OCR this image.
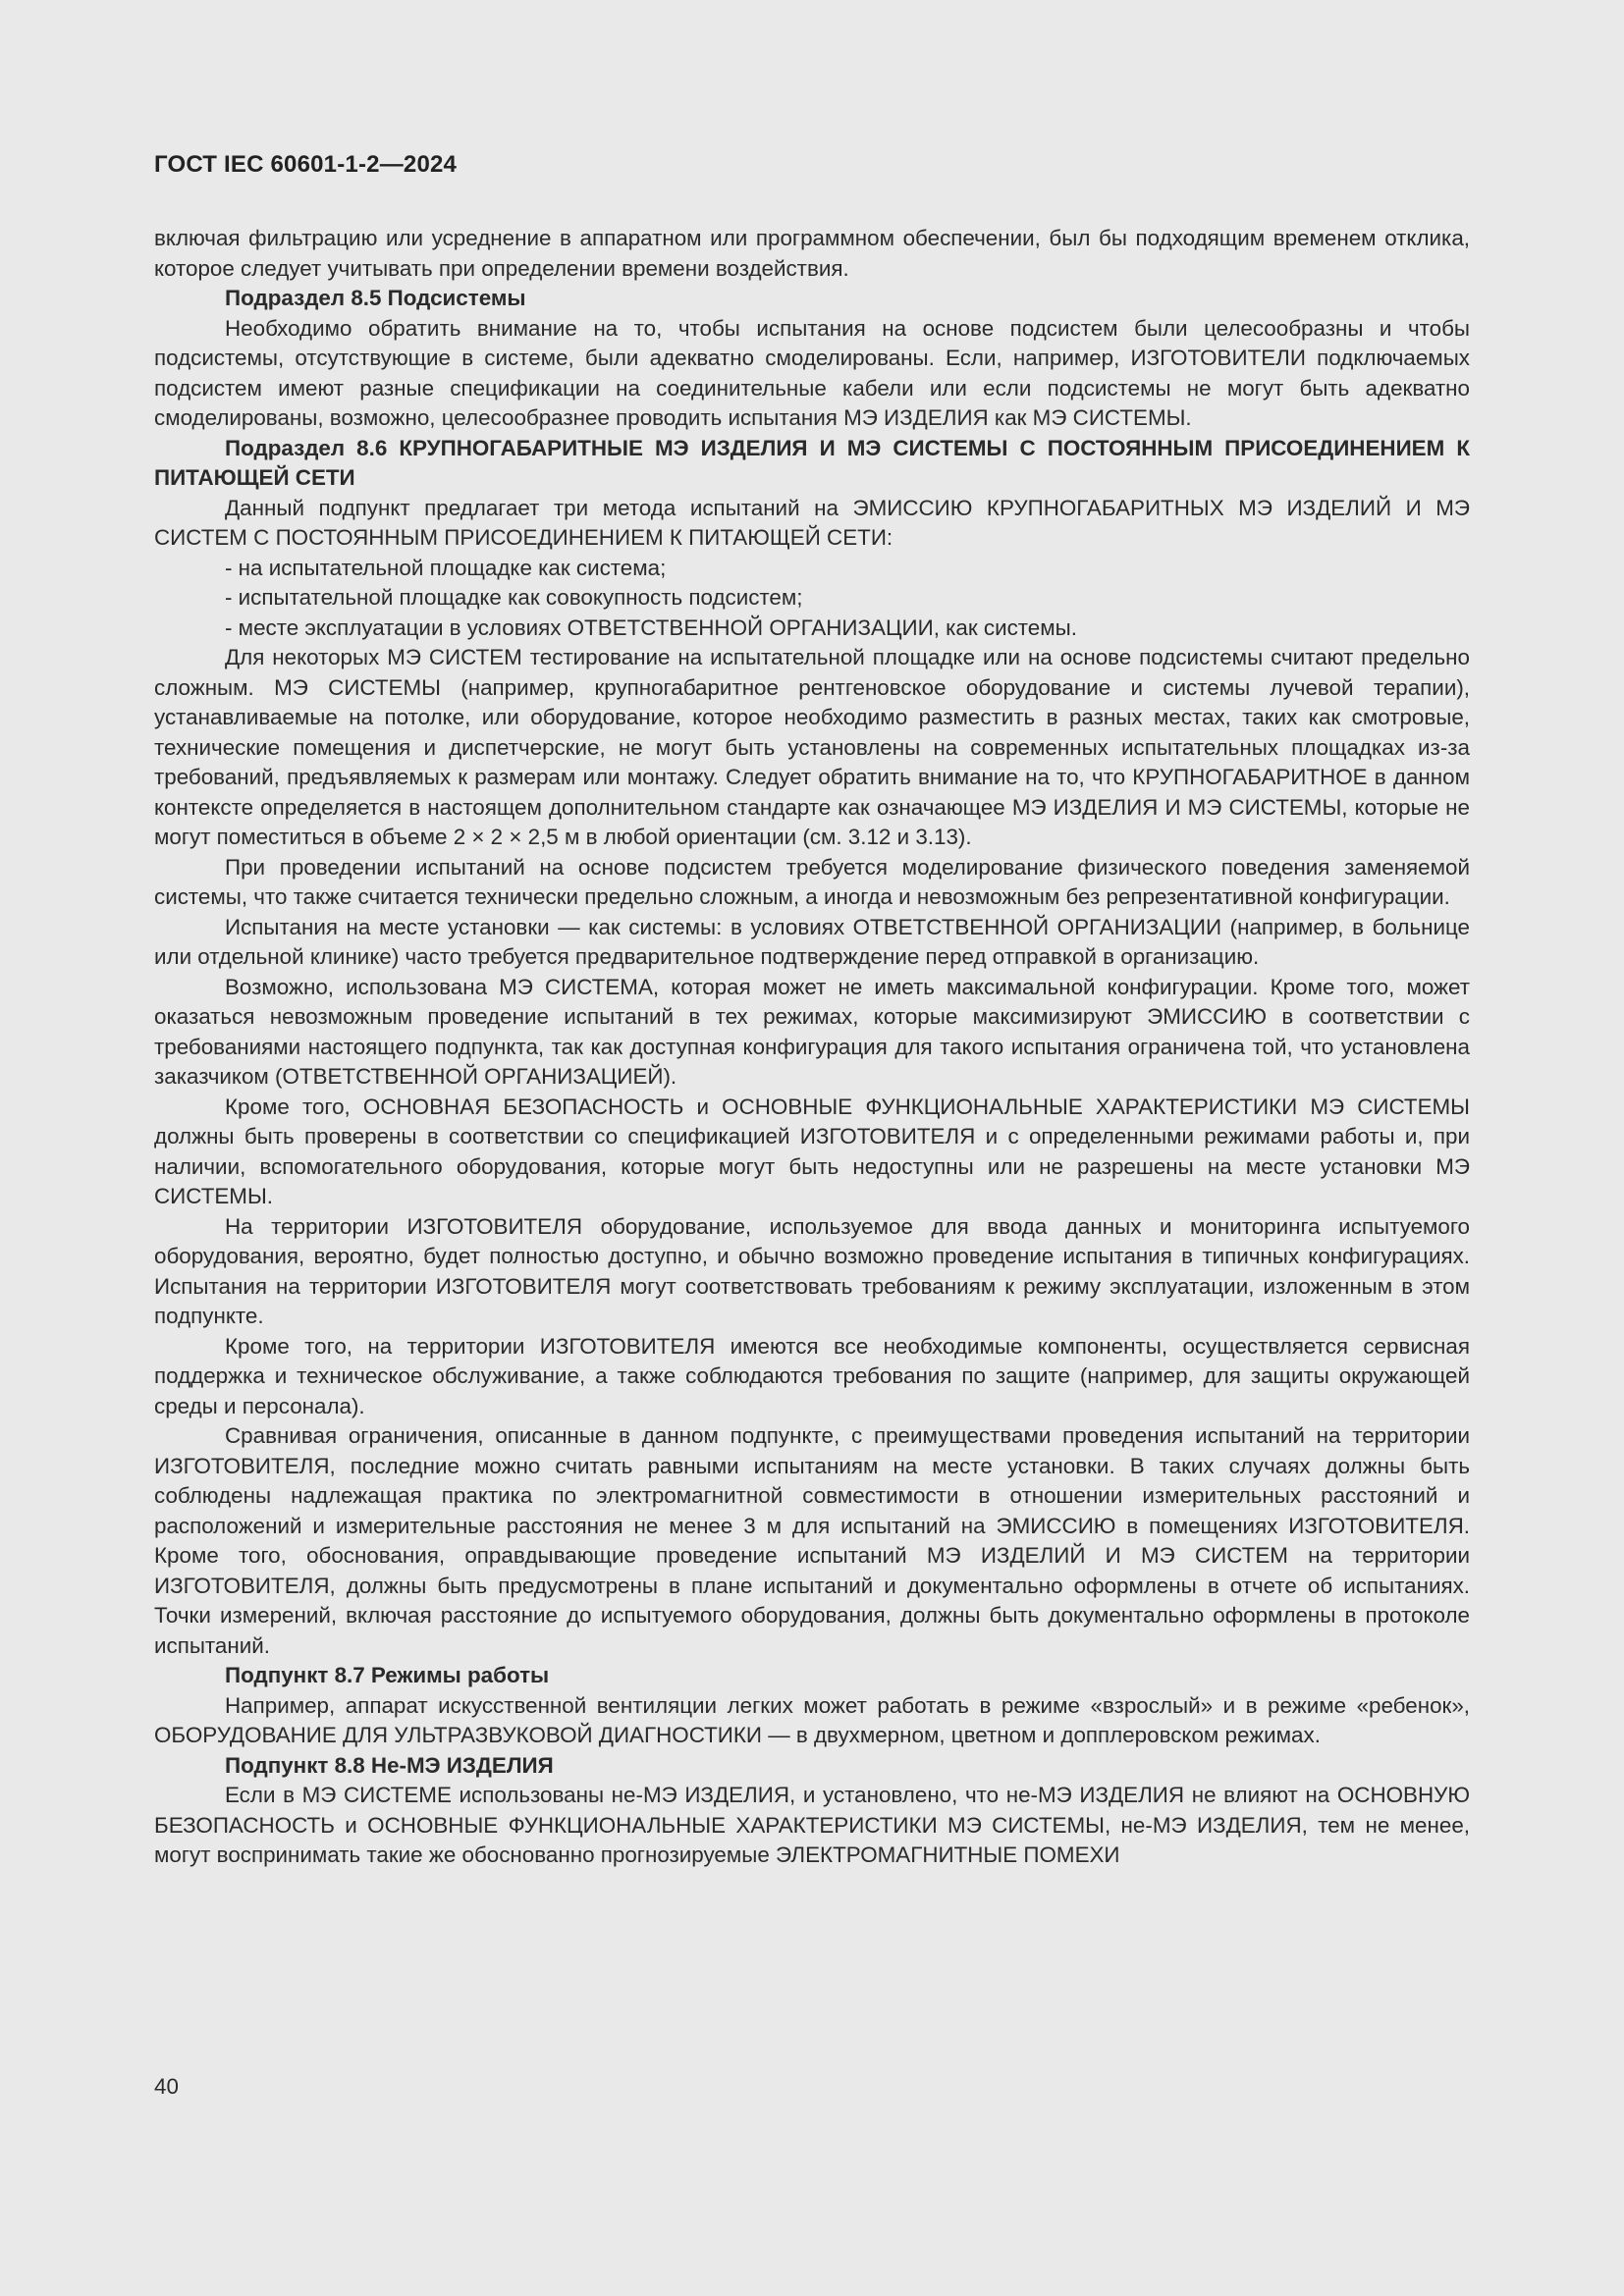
ГОСТ IEC 60601-1-2—2024

включая фильтрацию или усреднение в аппаратном или программном обеспечении, был бы подходящим временем отклика, которое следует учитывать при определении времени воздействия.

Подраздел 8.5 Подсистемы

Необходимо обратить внимание на то, чтобы испытания на основе подсистем были целесообразны и чтобы подсистемы, отсутствующие в системе, были адекватно смоделированы. Если, например, ИЗГОТОВИТЕЛИ подключаемых подсистем имеют разные спецификации на соединительные кабели или если подсистемы не могут быть адекватно смоделированы, возможно, целесообразнее проводить испытания МЭ ИЗДЕЛИЯ как МЭ СИСТЕМЫ.

Подраздел 8.6 КРУПНОГАБАРИТНЫЕ МЭ ИЗДЕЛИЯ И МЭ СИСТЕМЫ С ПОСТОЯННЫМ ПРИСОЕДИНЕНИЕМ К ПИТАЮЩЕЙ СЕТИ

Данный подпункт предлагает три метода испытаний на ЭМИССИЮ КРУПНОГАБАРИТНЫХ МЭ ИЗДЕЛИЙ И МЭ СИСТЕМ С ПОСТОЯННЫМ ПРИСОЕДИНЕНИЕМ К ПИТАЮЩЕЙ СЕТИ:

- на испытательной площадке как система;

- испытательной площадке как совокупность подсистем;

- месте эксплуатации в условиях ОТВЕТСТВЕННОЙ ОРГАНИЗАЦИИ, как системы.

Для некоторых МЭ СИСТЕМ тестирование на испытательной площадке или на основе подсистемы считают предельно сложным. МЭ СИСТЕМЫ (например, крупногабаритное рентгеновское оборудование и системы лучевой терапии), устанавливаемые на потолке, или оборудование, которое необходимо разместить в разных местах, таких как смотровые, технические помещения и диспетчерские, не могут быть установлены на современных испытательных площадках из-за требований, предъявляемых к размерам или монтажу. Следует обратить внимание на то, что КРУПНОГАБАРИТНОЕ в данном контексте определяется в настоящем дополнительном стандарте как означающее МЭ ИЗДЕЛИЯ И МЭ СИСТЕМЫ, которые не могут поместиться в объеме 2 × 2 × 2,5 м в любой ориентации (см. 3.12 и 3.13).

При проведении испытаний на основе подсистем требуется моделирование физического поведения заменяемой системы, что также считается технически предельно сложным, а иногда и невозможным без репрезентативной конфигурации.

Испытания на месте установки — как системы: в условиях ОТВЕТСТВЕННОЙ ОРГАНИЗАЦИИ (например, в больнице или отдельной клинике) часто требуется предварительное подтверждение перед отправкой в организацию.

Возможно, использована МЭ СИСТЕМА, которая может не иметь максимальной конфигурации. Кроме того, может оказаться невозможным проведение испытаний в тех режимах, которые максимизируют ЭМИССИЮ в соответствии с требованиями настоящего подпункта, так как доступная конфигурация для такого испытания ограничена той, что установлена заказчиком (ОТВЕТСТВЕННОЙ ОРГАНИЗАЦИЕЙ).

Кроме того, ОСНОВНАЯ БЕЗОПАСНОСТЬ и ОСНОВНЫЕ ФУНКЦИОНАЛЬНЫЕ ХАРАКТЕРИСТИКИ МЭ СИСТЕМЫ должны быть проверены в соответствии со спецификацией ИЗГОТОВИТЕЛЯ и с определенными режимами работы и, при наличии, вспомогательного оборудования, которые могут быть недоступны или не разрешены на месте установки МЭ СИСТЕМЫ.

На территории ИЗГОТОВИТЕЛЯ оборудование, используемое для ввода данных и мониторинга испытуемого оборудования, вероятно, будет полностью доступно, и обычно возможно проведение испытания в типичных конфигурациях. Испытания на территории ИЗГОТОВИТЕЛЯ могут соответствовать требованиям к режиму эксплуатации, изложенным в этом подпункте.

Кроме того, на территории ИЗГОТОВИТЕЛЯ имеются все необходимые компоненты, осуществляется сервисная поддержка и техническое обслуживание, а также соблюдаются требования по защите (например, для защиты окружающей среды и персонала).

Сравнивая ограничения, описанные в данном подпункте, с преимуществами проведения испытаний на территории ИЗГОТОВИТЕЛЯ, последние можно считать равными испытаниям на месте установки. В таких случаях должны быть соблюдены надлежащая практика по электромагнитной совместимости в отношении измерительных расстояний и расположений и измерительные расстояния не менее 3 м для испытаний на ЭМИССИЮ в помещениях ИЗГОТОВИТЕЛЯ. Кроме того, обоснования, оправдывающие проведение испытаний МЭ ИЗДЕЛИЙ И МЭ СИСТЕМ на территории ИЗГОТОВИТЕЛЯ, должны быть предусмотрены в плане испытаний и документально оформлены в отчете об испытаниях. Точки измерений, включая расстояние до испытуемого оборудования, должны быть документально оформлены в протоколе испытаний.

Подпункт 8.7 Режимы работы

Например, аппарат искусственной вентиляции легких может работать в режиме «взрослый» и в режиме «ребенок», ОБОРУДОВАНИЕ ДЛЯ УЛЬТРАЗВУКОВОЙ ДИАГНОСТИКИ — в двухмерном, цветном и допплеровском режимах.

Подпункт 8.8 Не-МЭ ИЗДЕЛИЯ

Если в МЭ СИСТЕМЕ использованы не-МЭ ИЗДЕЛИЯ, и установлено, что не-МЭ ИЗДЕЛИЯ не влияют на ОСНОВНУЮ БЕЗОПАСНОСТЬ и ОСНОВНЫЕ ФУНКЦИОНАЛЬНЫЕ ХАРАКТЕРИСТИКИ МЭ СИСТЕМЫ, не-МЭ ИЗДЕЛИЯ, тем не менее, могут воспринимать такие же обоснованно прогнозируемые ЭЛЕКТРОМАГНИТНЫЕ ПОМЕХИ

40
